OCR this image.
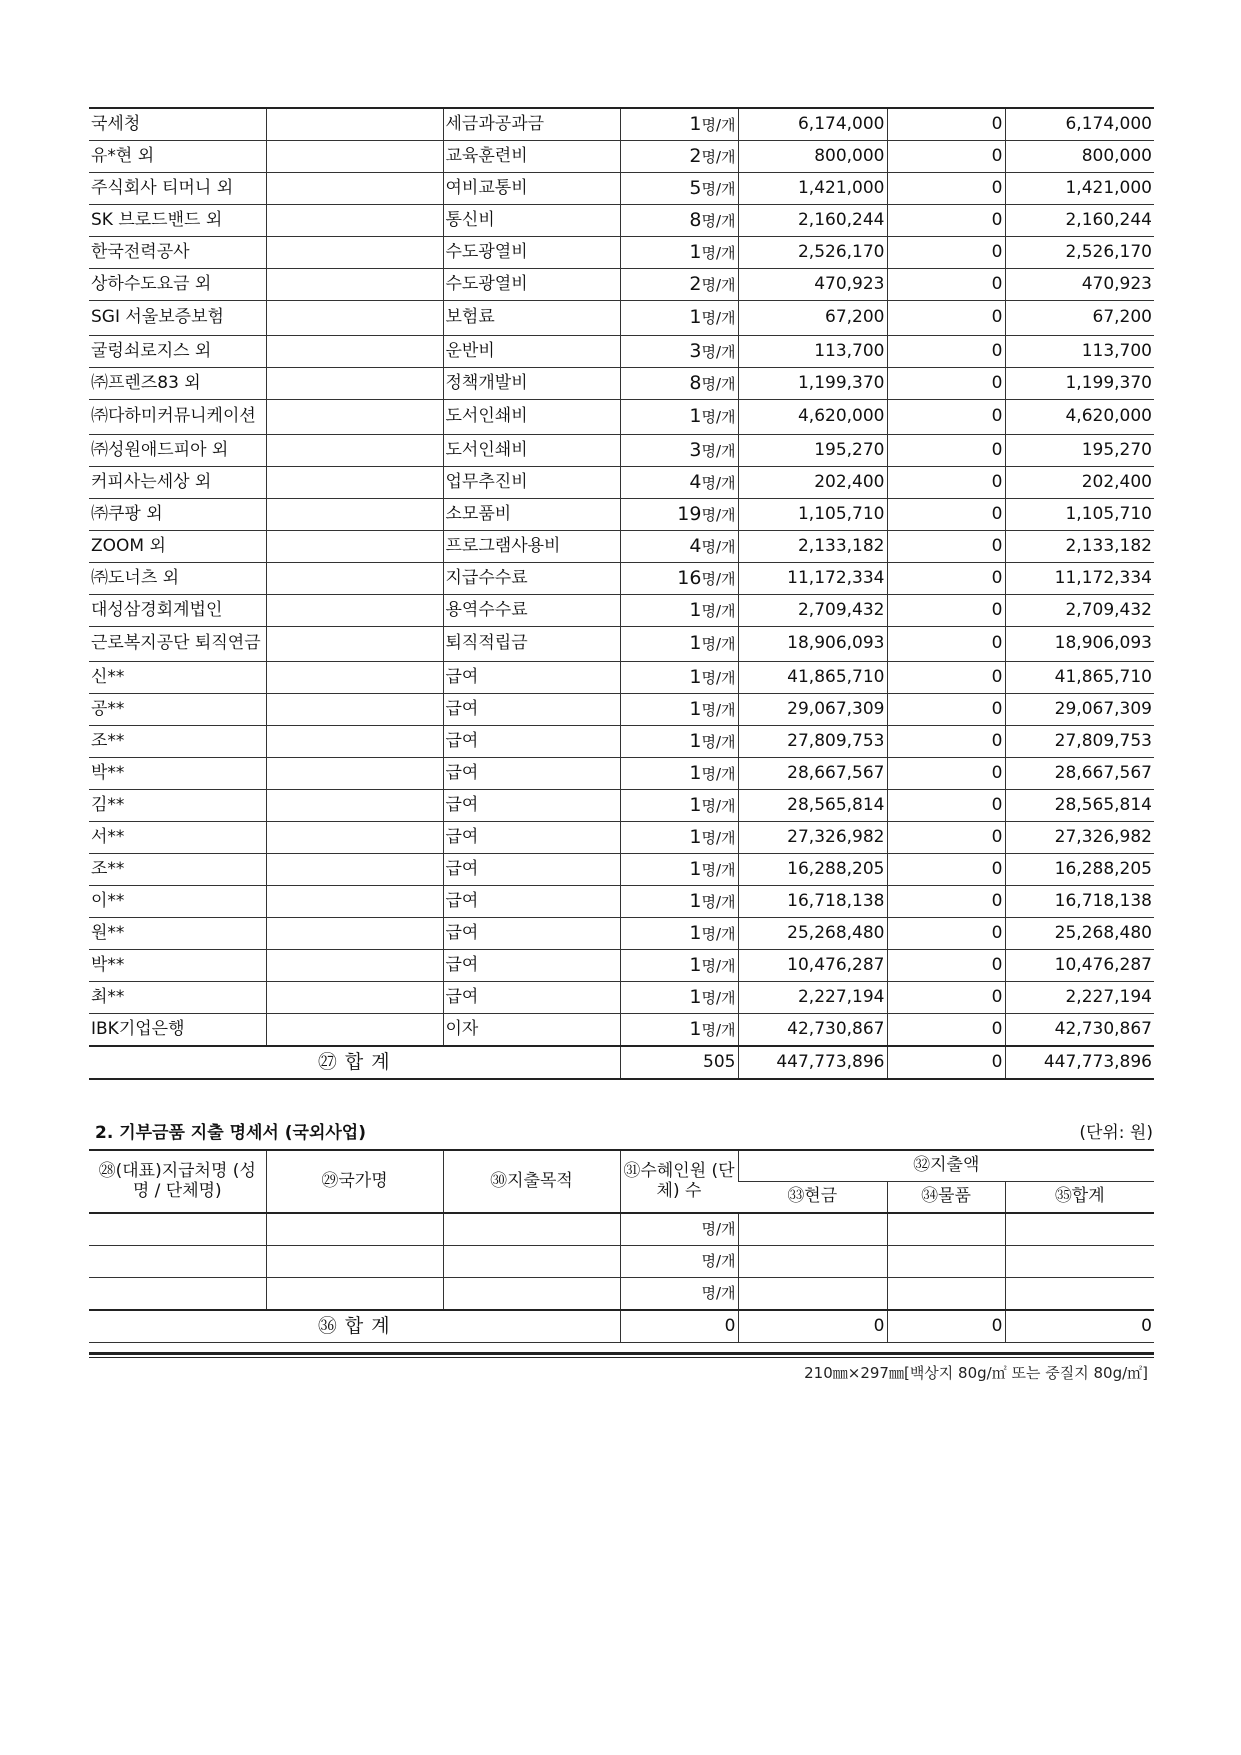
국세청		세금과공과금	1명/개	6,174,000	0	6,174,000
유*현 외		교육훈련비	2명/개	800,000	0	800,000
주식회사 티머니 외		여비교통비	5명/개	1,421,000	0	1,421,000
SK 브로드밴드 외		통신비	8명/개	2,160,244	0	2,160,244
한국전력공사		수도광열비	1명/개	2,526,170	0	2,526,170
상하수도요금 외		수도광열비	2명/개	470,923	0	470,923
SGI 서울보증보험		보험료	1명/개	67,200	0	67,200
굴렁쇠로지스 외		운반비	3명/개	113,700	0	113,700
㈜프렌즈83 외		정책개발비	8명/개	1,199,370	0	1,199,370
㈜다하미커뮤니케이션		도서인쇄비	1명/개	4,620,000	0	4,620,000
㈜성원애드피아 외		도서인쇄비	3명/개	195,270	0	195,270
커피사는세상 외		업무추진비	4명/개	202,400	0	202,400
㈜쿠팡 외		소모품비	19명/개	1,105,710	0	1,105,710
ZOOM 외		프로그램사용비	4명/개	2,133,182	0	2,133,182
㈜도너츠 외		지급수수료	16명/개	11,172,334	0	11,172,334
대성삼경회계법인		용역수수료	1명/개	2,709,432	0	2,709,432
근로복지공단 퇴직연금		퇴직적립금	1명/개	18,906,093	0	18,906,093
신**		급여	1명/개	41,865,710	0	41,865,710
공**		급여	1명/개	29,067,309	0	29,067,309
조**		급여	1명/개	27,809,753	0	27,809,753
박**		급여	1명/개	28,667,567	0	28,667,567
김**		급여	1명/개	28,565,814	0	28,565,814
서**		급여	1명/개	27,326,982	0	27,326,982
조**		급여	1명/개	16,288,205	0	16,288,205
이**		급여	1명/개	16,718,138	0	16,718,138
원**		급여	1명/개	25,268,480	0	25,268,480
박**		급여	1명/개	10,476,287	0	10,476,287
최**		급여	1명/개	2,227,194	0	2,227,194
IBK기업은행		이자	1명/개	42,730,867	0	42,730,867
㉗ 합 계			505	447,773,896	0	447,773,896
2. 기부금품 지출 명세서 (국외사업)	(단위: 원)
㉘(대표)지급처명 (성명 / 단체명)	㉙국가명	㉚지출목적	㉛수혜인원 (단체) 수	㉜지출액		
				㉝현금	㉞물품	㉟합계
			명/개			
			명/개			
			명/개			
㊱ 합 계			0	0	0	0
210㎜×297㎜[백상지 80g/㎡ 또는 중질지 80g/㎡]
